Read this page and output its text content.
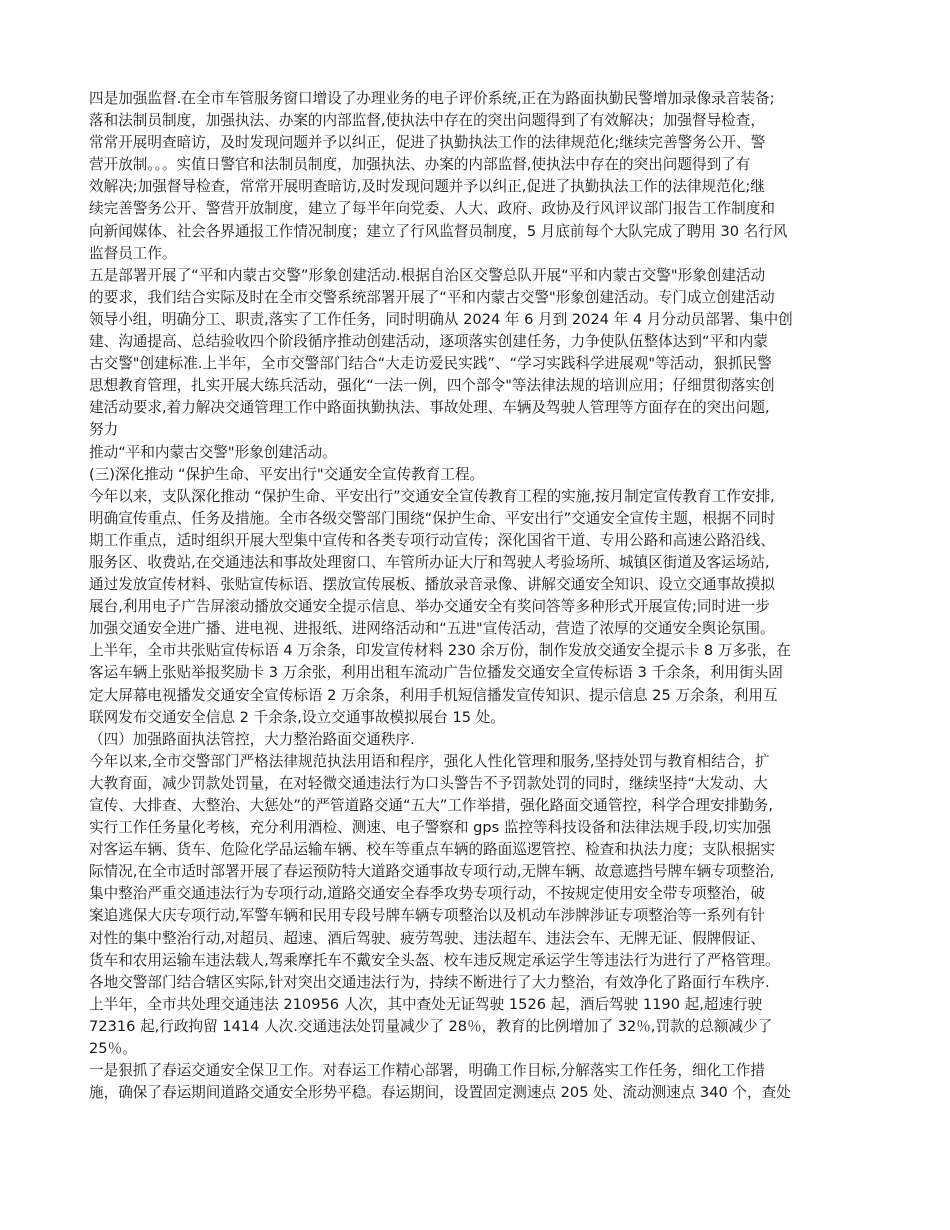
四是加强监督.在全市车管服务窗口增设了办理业务的电子评价系统,正在为路面执勤民警增加录像录音装备;
落和法制员制度，加强执法、办案的内部监督,使执法中存在的突出问题得到了有效解决；加强督导检查，
常常开展明查暗访，及时发现问题并予以纠正，促进了执勤执法工作的法律规范化;继续完善警务公开、警
营开放制。。。实值日警官和法制员制度，加强执法、办案的内部监督,使执法中存在的突出问题得到了有
效解决;加强督导检查，常常开展明查暗访,及时发现问题并予以纠正,促进了执勤执法工作的法律规范化;继
续完善警务公开、警营开放制度，建立了每半年向党委、人大、政府、政协及行风评议部门报告工作制度和
向新闻媒体、社会各界通报工作情况制度；建立了行风监督员制度，5 月底前每个大队完成了聘用 30 名行风
监督员工作。
五是部署开展了“平和内蒙古交警”形象创建活动.根据自治区交警总队开展“平和内蒙古交警"形象创建活动
的要求，我们结合实际及时在全市交警系统部署开展了“平和内蒙古交警"形象创建活动。专门成立创建活动
领导小组，明确分工、职责,落实了工作任务，同时明确从 2024 年 6 月到 2024 年 4 月分动员部署、集中创
建、沟通提高、总结验收四个阶段循序推动创建活动，逐项落实创建任务，力争使队伍整体达到“平和内蒙
古交警"创建标准.上半年，全市交警部门结合“大走访爱民实践”、“学习实践科学进展观"等活动，狠抓民警
思想教育管理，扎实开展大练兵活动，强化“一法一例，四个部令"等法律法规的培训应用；仔细贯彻落实创
建活动要求,着力解决交通管理工作中路面执勤执法、事故处理、车辆及驾驶人管理等方面存在的突出问题,
努力
推动“平和内蒙古交警"形象创建活动。
(三)深化推动 “保护生命、平安出行"交通安全宣传教育工程。
今年以来，支队深化推动 “保护生命、平安出行”交通安全宣传教育工程的实施,按月制定宣传教育工作安排,
明确宣传重点、任务及措施。全市各级交警部门围绕“保护生命、平安出行”交通安全宣传主题，根据不同时
期工作重点，适时组织开展大型集中宣传和各类专项行动宣传；深化国省干道、专用公路和高速公路沿线、
服务区、收费站,在交通违法和事故处理窗口、车管所办证大厅和驾驶人考验场所、城镇区街道及客运场站,
通过发放宣传材料、张贴宣传标语、摆放宣传展板、播放录音录像、讲解交通安全知识、设立交通事故摸拟
展台,利用电子广告屏滚动播放交通安全提示信息、举办交通安全有奖问答等多种形式开展宣传;同时进一步
加强交通安全进广播、进电视、进报纸、进网络活动和“五进"宣传活动，营造了浓厚的交通安全舆论氛围。
上半年，全市共张贴宣传标语 4 万余条，印发宣传材料 230 余万份，制作发放交通安全提示卡 8 万多张，在
客运车辆上张贴举报奖励卡 3 万余张，利用出租车流动广告位播发交通安全宣传标语 3 千余条，利用街头固
定大屏幕电视播发交通安全宣传标语 2 万余条，利用手机短信播发宣传知识、提示信息 25 万余条，利用互
联网发布交通安全信息 2 千余条,设立交通事故模拟展台 15 处。
（四）加强路面执法管控，大力整治路面交通秩序.
今年以来,全市交警部门严格法律规范执法用语和程序，强化人性化管理和服务,坚持处罚与教育相结合，扩
大教育面，减少罚款处罚量，在对轻微交通违法行为口头警告不予罚款处罚的同时，继续坚持“大发动、大
宣传、大排查、大整治、大惩处”的严管道路交通“五大”工作举措，强化路面交通管控，科学合理安排勤务,
实行工作任务量化考核，充分利用酒检、测速、电子警察和 gps 监控等科技设备和法律法规手段,切实加强
对客运车辆、货车、危险化学品运输车辆、校车等重点车辆的路面巡逻管控、检查和执法力度；支队根据实
际情况,在全市适时部署开展了春运预防特大道路交通事故专项行动,无牌车辆、故意遮挡号牌车辆专项整治,
集中整治严重交通违法行为专项行动,道路交通安全春季攻势专项行动，不按规定使用安全带专项整治，破
案追逃保大庆专项行动,军警车辆和民用专段号牌车辆专项整治以及机动车涉牌涉证专项整治等一系列有针
对性的集中整治行动,对超员、超速、酒后驾驶、疲劳驾驶、违法超车、违法会车、无牌无证、假牌假证、
货车和农用运输车违法载人,驾乘摩托车不戴安全头盔、校车违反规定承运学生等违法行为进行了严格管理。
各地交警部门结合辖区实际,针对突出交通违法行为，持续不断进行了大力整治，有效净化了路面行车秩序.
上半年，全市共处理交通违法 210956 人次，其中查处无证驾驶 1526 起，酒后驾驶 1190 起,超速行驶
72316 起,行政拘留 1414 人次.交通违法处罚量减少了 28％，教育的比例增加了 32％,罚款的总额减少了
25％。
一是狠抓了春运交通安全保卫工作。对春运工作精心部署，明确工作目标,分解落实工作任务，细化工作措
施，确保了春运期间道路交通安全形势平稳。春运期间，设置固定测速点 205 处、流动测速点 340 个，查处
